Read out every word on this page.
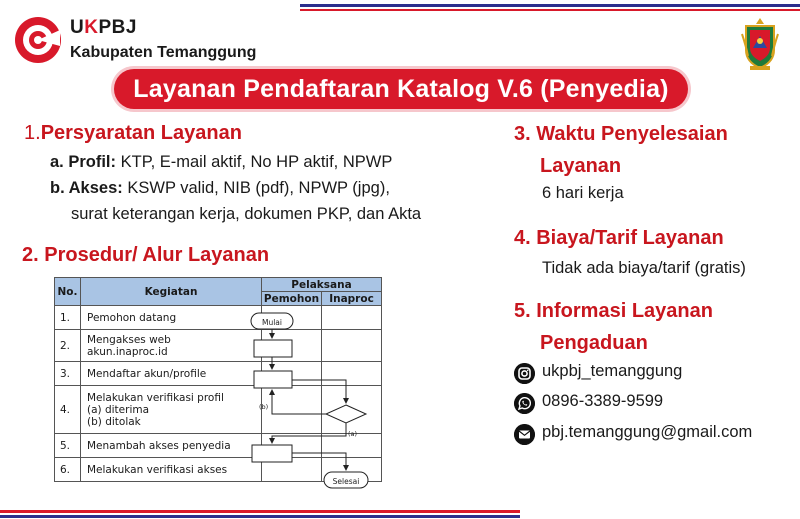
UKPBJ
Kabupaten Temanggung
Layanan Pendaftaran Katalog V.6 (Penyedia)
1.Persyaratan Layanan
a. Profil: KTP, E-mail aktif, No HP aktif, NPWP
b. Akses: KSWP valid, NIB (pdf), NPWP (jpg),
surat keterangan kerja, dokumen PKP, dan Akta
2. Prosedur/ Alur Layanan
No.	Kegiatan	Pelaksana	
		Pemohon	Inaproc
1.	Pemohon datang		

2.	Mengakses web
akun.inaproc.id		

3.	Mendaftar akun/profile		

4.	Melakukan verifikasi profil
(a) diterima
(b) ditolak		

5.	Menambah akses penyedia		

6.	Melakukan verifikasi akses		

Mulai
Selesai
(b)
(a)
3. Waktu Penyelesaian
Layanan
6 hari kerja
4. Biaya/Tarif Layanan
Tidak ada biaya/tarif (gratis)
5. Informasi Layanan
Pengaduan
ukpbj_temanggung
0896-3389-9599
pbj.temanggung@gmail.com
